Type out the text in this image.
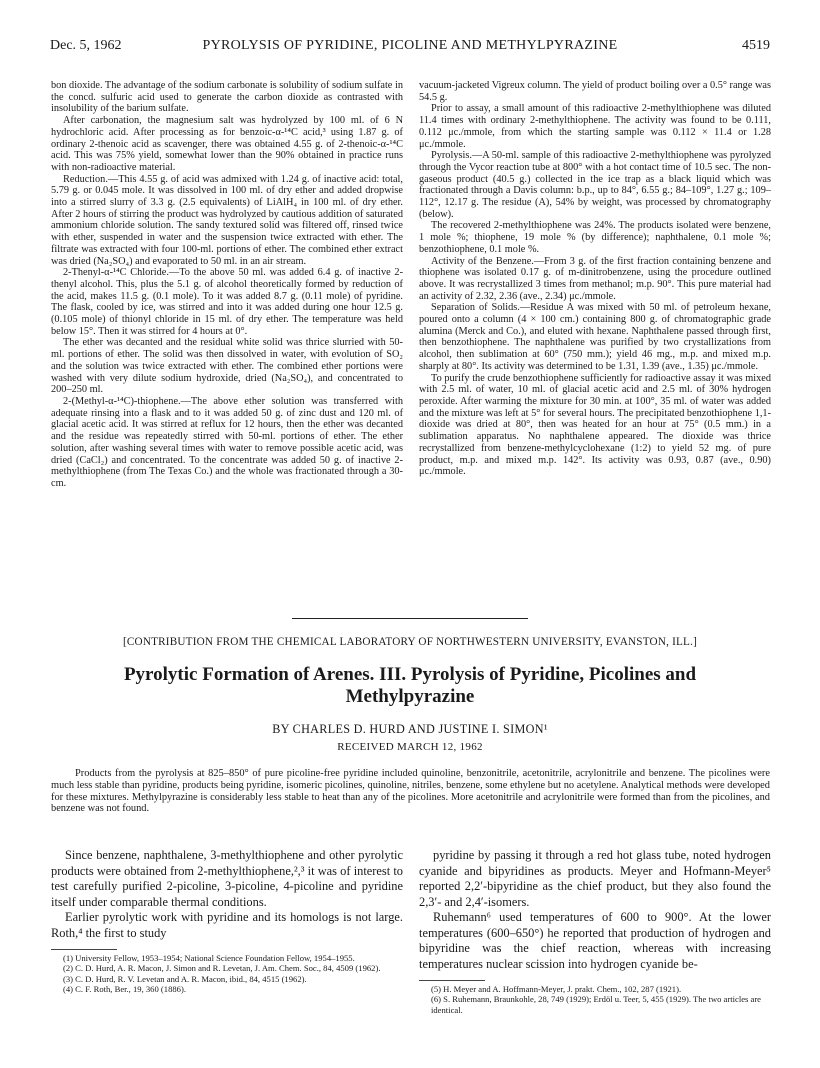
Dec. 5, 1962	PYROLYSIS OF PYRIDINE, PICOLINE AND METHYLPYRAZINE	4519

bon dioxide. The advantage of the sodium carbonate is solubility of sodium sulfate in the concd. sulfuric acid used to generate the carbon dioxide as contrasted with insolubility of the barium sulfate.

After carbonation, the magnesium salt was hydrolyzed by 100 ml. of 6 N hydrochloric acid. After processing as for benzoic-α-¹⁴C acid,³ using 1.87 g. of ordinary 2-thenoic acid as scavenger, there was obtained 4.55 g. of 2-thenoic-α-¹⁴C acid. This was 75% yield, somewhat lower than the 90% obtained in practice runs with non-radioactive material.

Reduction.—This 4.55 g. of acid was admixed with 1.24 g. of inactive acid: total, 5.79 g. or 0.045 mole. It was dissolved in 100 ml. of dry ether and added dropwise into a stirred slurry of 3.3 g. (2.5 equivalents) of LiAlH₄ in 100 ml. of dry ether. After 2 hours of stirring the product was hydrolyzed by cautious addition of saturated ammonium chloride solution. The sandy textured solid was filtered off, rinsed twice with ether, suspended in water and the suspension twice extracted with ether. The filtrate was extracted with four 100-ml. portions of ether. The combined ether extract was dried (Na₂SO₄) and evaporated to 50 ml. in an air stream.

2-Thenyl-α-¹⁴C Chloride.—To the above 50 ml. was added 6.4 g. of inactive 2-thenyl alcohol. This, plus the 5.1 g. of alcohol theoretically formed by reduction of the acid, makes 11.5 g. (0.1 mole). To it was added 8.7 g. (0.11 mole) of pyridine. The flask, cooled by ice, was stirred and into it was added during one hour 12.5 g. (0.105 mole) of thionyl chloride in 15 ml. of dry ether. The temperature was held below 15°. Then it was stirred for 4 hours at 0°.

The ether was decanted and the residual white solid was thrice slurried with 50-ml. portions of ether. The solid was then dissolved in water, with evolution of SO₂ and the solution was twice extracted with ether. The combined ether portions were washed with very dilute sodium hydroxide, dried (Na₂SO₄), and concentrated to 200–250 ml.

2-(Methyl-α-¹⁴C)-thiophene.—The above ether solution was transferred with adequate rinsing into a flask and to it was added 50 g. of zinc dust and 120 ml. of glacial acetic acid. It was stirred at reflux for 12 hours, then the ether was decanted and the residue was repeatedly stirred with 50-ml. portions of ether. The ether solution, after washing several times with water to remove possible acetic acid, was dried (CaCl₂) and concentrated. To the concentrate was added 50 g. of inactive 2-methylthiophene (from The Texas Co.) and the whole was fractionated through a 30-cm.

vacuum-jacketed Vigreux column. The yield of product boiling over a 0.5° range was 54.5 g.

Prior to assay, a small amount of this radioactive 2-methylthiophene was diluted 11.4 times with ordinary 2-methylthiophene. The activity was found to be 0.111, 0.112 μc./mmole, from which the starting sample was 0.112 × 11.4 or 1.28 μc./mmole.

Pyrolysis.—A 50-ml. sample of this radioactive 2-methylthiophene was pyrolyzed through the Vycor reaction tube at 800° with a hot contact time of 10.5 sec. The non-gaseous product (40.5 g.) collected in the ice trap as a black liquid which was fractionated through a Davis column: b.p., up to 84°, 6.55 g.; 84–109°, 1.27 g.; 109–112°, 12.17 g. The residue (A), 54% by weight, was processed by chromatography (below).

The recovered 2-methylthiophene was 24%. The products isolated were benzene, 1 mole %; thiophene, 19 mole % (by difference); naphthalene, 0.1 mole %; benzothiophene, 0.1 mole %.

Activity of the Benzene.—From 3 g. of the first fraction containing benzene and thiophene was isolated 0.17 g. of m-dinitrobenzene, using the procedure outlined above. It was recrystallized 3 times from methanol; m.p. 90°. This pure material had an activity of 2.32, 2.36 (ave., 2.34) μc./mmole.

Separation of Solids.—Residue A was mixed with 50 ml. of petroleum hexane, poured onto a column (4 × 100 cm.) containing 800 g. of chromatographic grade alumina (Merck and Co.), and eluted with hexane. Naphthalene passed through first, then benzothiophene. The naphthalene was purified by two crystallizations from alcohol, then sublimation at 60° (750 mm.); yield 46 mg., m.p. and mixed m.p. sharply at 80°. Its activity was determined to be 1.31, 1.39 (ave., 1.35) μc./mmole.

To purify the crude benzothiophene sufficiently for radioactive assay it was mixed with 2.5 ml. of water, 10 ml. of glacial acetic acid and 2.5 ml. of 30% hydrogen peroxide. After warming the mixture for 30 min. at 100°, 35 ml. of water was added and the mixture was left at 5° for several hours. The precipitated benzothiophene 1,1-dioxide was dried at 80°, then was heated for an hour at 75° (0.5 mm.) in a sublimation apparatus. No naphthalene appeared. The dioxide was thrice recrystallized from benzene-methylcyclohexane (1:2) to yield 52 mg. of pure product, m.p. and mixed m.p. 142°. Its activity was 0.93, 0.87 (ave., 0.90) μc./mmole.

[CONTRIBUTION FROM THE CHEMICAL LABORATORY OF NORTHWESTERN UNIVERSITY, EVANSTON, ILL.]
Pyrolytic Formation of Arenes. III. Pyrolysis of Pyridine, Picolines and Methylpyrazine
BY CHARLES D. HURD AND JUSTINE I. SIMON¹
RECEIVED MARCH 12, 1962
Products from the pyrolysis at 825–850° of pure picoline-free pyridine included quinoline, benzonitrile, acetonitrile, acrylonitrile and benzene. The picolines were much less stable than pyridine, products being pyridine, isomeric picolines, quinoline, nitriles, benzene, some ethylene but no acetylene. Analytical methods were developed for these mixtures. Methylpyrazine is considerably less stable to heat than any of the picolines. More acetonitrile and acrylonitrile were formed than from the picolines, and benzene was not found.

Since benzene, naphthalene, 3-methylthiophene and other pyrolytic products were obtained from 2-methylthiophene,²,³ it was of interest to test carefully purified 2-picoline, 3-picoline, 4-picoline and pyridine itself under comparable thermal conditions.

Earlier pyrolytic work with pyridine and its homologs is not large. Roth,⁴ the first to study

(1) University Fellow, 1953–1954; National Science Foundation Fellow, 1954–1955.
(2) C. D. Hurd, A. R. Macon, J. Simon and R. Levetan, J. Am. Chem. Soc., 84, 4509 (1962).
(3) C. D. Hurd, R. V. Levetan and A. R. Macon, ibid., 84, 4515 (1962).
(4) C. F. Roth, Ber., 19, 360 (1886).

pyridine by passing it through a red hot glass tube, noted hydrogen cyanide and bipyridines as products. Meyer and Hofmann-Meyer⁵ reported 2,2′-bipyridine as the chief product, but they also found the 2,3′- and 2,4′-isomers.

Ruhemann⁶ used temperatures of 600 to 900°. At the lower temperatures (600–650°) he reported that production of hydrogen and bipyridine was the chief reaction, whereas with increasing temperatures nuclear scission into hydrogen cyanide be-

(5) H. Meyer and A. Hoffmann-Meyer, J. prakt. Chem., 102, 287 (1921).
(6) S. Ruhemann, Braunkohle, 28, 749 (1929); Erdöl u. Teer, 5, 455 (1929). The two articles are identical.
